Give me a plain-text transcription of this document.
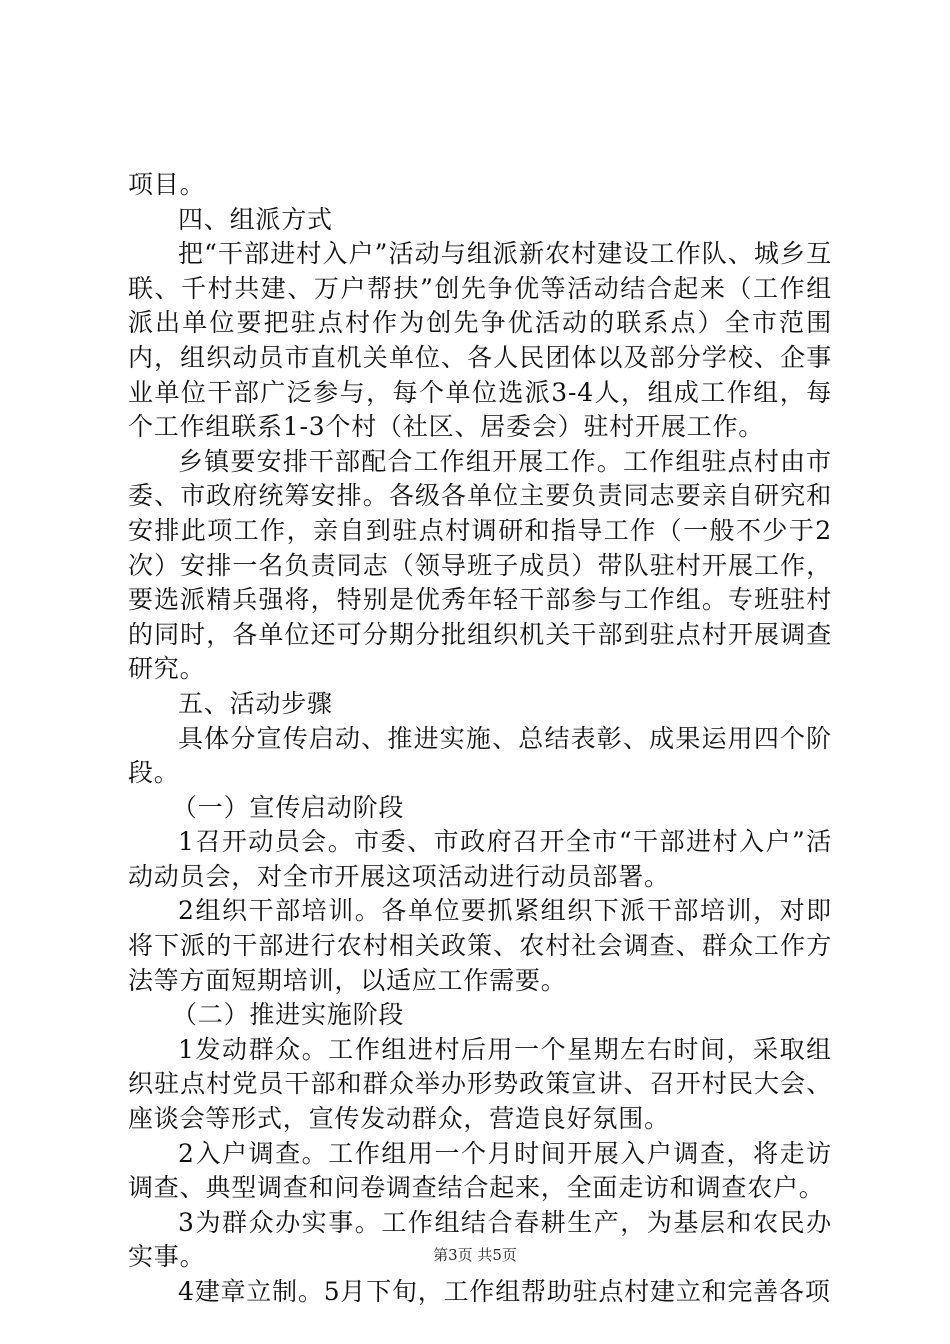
项目。

四、组派方式

把“干部进村入户”活动与组派新农村建设工作队、城乡互联、千村共建、万户帮扶”创先争优等活动结合起来（工作组派出单位要把驻点村作为创先争优活动的联系点）全市范围内，组织动员市直机关单位、各人民团体以及部分学校、企事业单位干部广泛参与，每个单位选派3-4人，组成工作组，每个工作组联系1-3个村（社区、居委会）驻村开展工作。

乡镇要安排干部配合工作组开展工作。工作组驻点村由市委、市政府统筹安排。各级各单位主要负责同志要亲自研究和安排此项工作，亲自到驻点村调研和指导工作（一般不少于2次）安排一名负责同志（领导班子成员）带队驻村开展工作，要选派精兵强将，特别是优秀年轻干部参与工作组。专班驻村的同时，各单位还可分期分批组织机关干部到驻点村开展调查研究。

五、活动步骤

具体分宣传启动、推进实施、总结表彰、成果运用四个阶段。

（一）宣传启动阶段

1召开动员会。市委、市政府召开全市“干部进村入户”活动动员会，对全市开展这项活动进行动员部署。

2组织干部培训。各单位要抓紧组织下派干部培训，对即将下派的干部进行农村相关政策、农村社会调查、群众工作方法等方面短期培训，以适应工作需要。

（二）推进实施阶段

1发动群众。工作组进村后用一个星期左右时间，采取组织驻点村党员干部和群众举办形势政策宣讲、召开村民大会、座谈会等形式，宣传发动群众，营造良好氛围。

2入户调查。工作组用一个月时间开展入户调查，将走访调查、典型调查和问卷调查结合起来，全面走访和调查农户。

3为群众办实事。工作组结合春耕生产，为基层和农民办实事。

4建章立制。5月下旬，工作组帮助驻点村建立和完善各项

第3页 共5页
